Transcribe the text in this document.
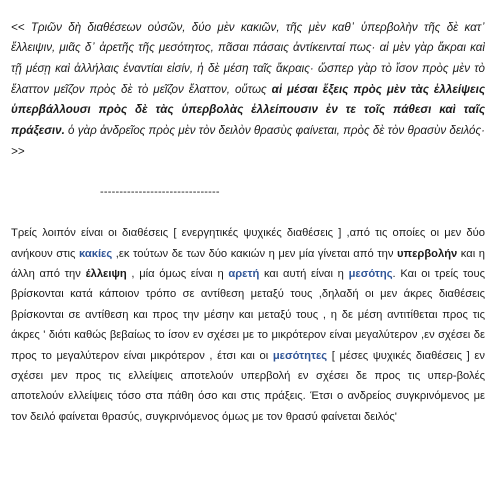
<< Τριῶν δὴ διαθέσεων οὐσῶν, δύο μὲν κακιῶν, τῆς μὲν καθ᾽ ὑπερβολὴν τῆς δὲ κατ᾽ ἔλλειψιν, μιᾶς δ᾽ ἀρετῆς τῆς μεσότητος, πᾶσαι πάσαις ἀντίκεινταί πως· αἱ μὲν γὰρ ἄκραι καὶ τῇ μέσῃ καὶ ἀλλήλαις ἐναντίαι εἰσίν, ἡ δὲ μέση ταῖς ἄκραις· ὥσπερ γὰρ τὸ ἴσον πρὸς μὲν τὸ ἔλαττον μεῖζον πρὸς δὲ τὸ μεῖζον ἔλαττον, οὕτως αἱ μέσαι ἕξεις πρὸς μὲν τὰς ἐλλείψεις ὑπερβάλλουσι πρὸς δὲ τὰς ὑπερβολὰς ἐλλείπουσιν ἐν τε τοῖς πάθεσι καὶ ταῖς πράξεσιν. ὁ γὰρ ἀνδρεῖος πρὸς μὲν τὸν δειλὸν θρασὺς φαίνεται, πρὸς δὲ τὸν θρασὺν δειλός· >>

-------------------------------

Τρείς λοιπόν είναι οι διαθέσεις [ ενεργητικές ψυχικές διαθέσεις ] ,από τις οποίες οι μεν δύο ανήκουν στις κακίες ,εκ τούτων δε των δύο κακιών η μεν μία γίνεται από την υπερβολήν και η άλλη από την έλλειψη , μία όμως είναι η αρετή και αυτή είναι η μεσότης. Και οι τρείς τους βρίσκονται κατά κάποιον τρόπο σε αντίθεση μεταξύ τους ,δηλαδή οι μεν άκρες διαθέσεις βρίσκονται σε αντίθεση και προς την μέσην και μεταξύ τους , η δε μέση αντιτίθεται προς τις άκρες ' διότι καθώς βεβαίως το ίσον εν σχέσει με το μικρότερον είναι μεγαλύτερον ,εν σχέσει δε προς το μεγαλύτερον είναι μικρότερον , έτσι και οι μεσότητες [ μέσες ψυχικές διαθέσεις ] εν σχέσει μεν προς τις ελλείψεις αποτελούν υπερβολή εν σχέσει δε προς τις υπερ-βολές αποτελούν ελλείψεις τόσο στα πάθη όσο και στις πράξεις. Έτσι ο ανδρείος συγκρινόμενος με τον δειλό φαίνεται θρασύς, συγκρινόμενος όμως με τον θρασύ φαίνεται δειλός'
